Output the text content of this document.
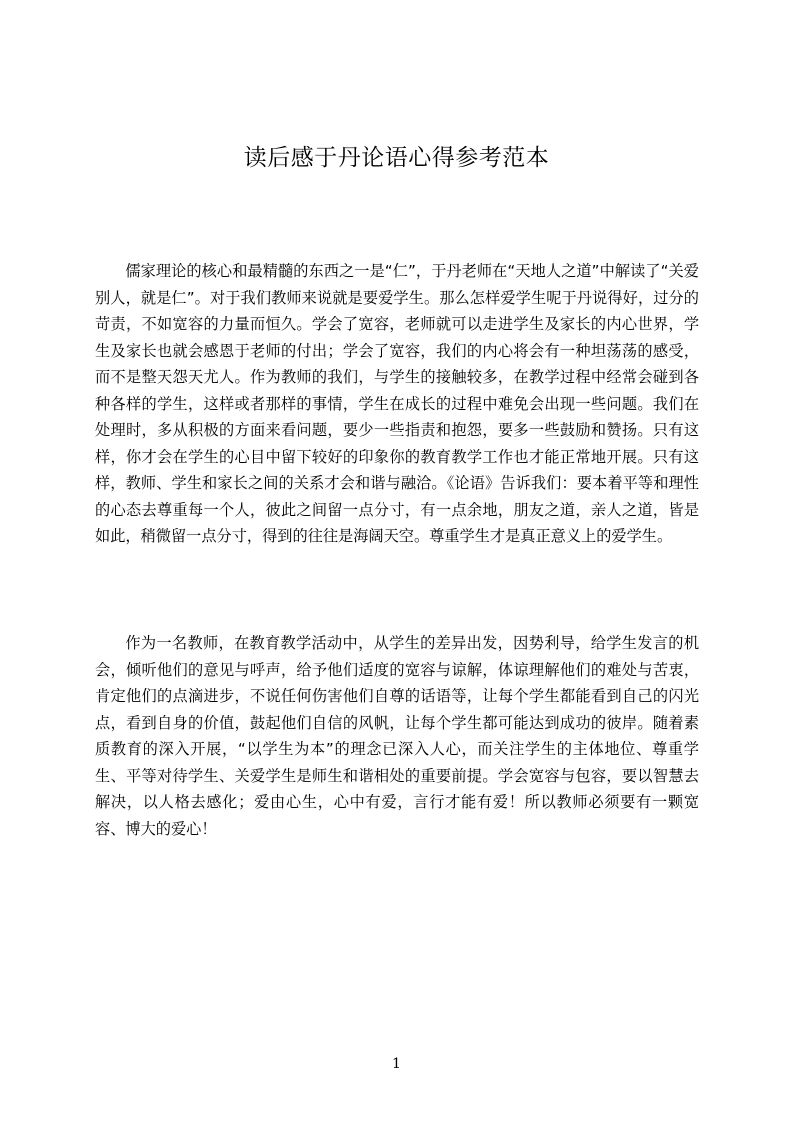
读后感于丹论语心得参考范本

儒家理论的核心和最精髓的东西之一是“仁”，于丹老师在“天地人之道”中解读了“关爱别人，就是仁”。对于我们教师来说就是要爱学生。那么怎样爱学生呢于丹说得好，过分的苛责，不如宽容的力量而恒久。学会了宽容，老师就可以走进学生及家长的内心世界，学生及家长也就会感恩于老师的付出；学会了宽容，我们的内心将会有一种坦荡荡的感受，而不是整天怨天尤人。作为教师的我们，与学生的接触较多，在教学过程中经常会碰到各种各样的学生，这样或者那样的事情，学生在成长的过程中难免会出现一些问题。我们在处理时，多从积极的方面来看问题，要少一些指责和抱怨，要多一些鼓励和赞扬。只有这样，你才会在学生的心目中留下较好的印象你的教育教学工作也才能正常地开展。只有这样，教师、学生和家长之间的关系才会和谐与融洽。《论语》告诉我们：要本着平等和理性的心态去尊重每一个人，彼此之间留一点分寸，有一点余地，朋友之道，亲人之道，皆是如此，稍微留一点分寸，得到的往往是海阔天空。尊重学生才是真正意义上的爱学生。

作为一名教师，在教育教学活动中，从学生的差异出发，因势利导，给学生发言的机会，倾听他们的意见与呼声，给予他们适度的宽容与谅解，体谅理解他们的难处与苦衷，肯定他们的点滴进步，不说任何伤害他们自尊的话语等，让每个学生都能看到自己的闪光点，看到自身的价值，鼓起他们自信的风帆，让每个学生都可能达到成功的彼岸。随着素质教育的深入开展，“以学生为本”的理念已深入人心，而关注学生的主体地位、尊重学生、平等对待学生、关爱学生是师生和谐相处的重要前提。学会宽容与包容，要以智慧去解决，以人格去感化；爱由心生，心中有爱，言行才能有爱！所以教师必须要有一颗宽容、博大的爱心！

1
